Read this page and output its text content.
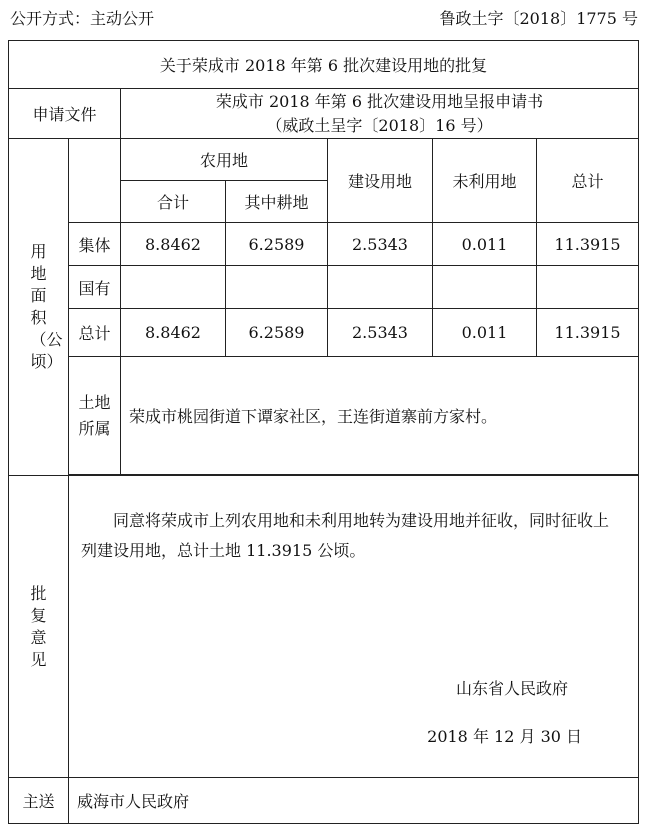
公开方式：主动公开	鲁政土字〔2018〕1775 号
关于荣成市 2018 年第 6 批次建设用地的批复						
申请文件		荣成市 2018 年第 6 批次建设用地呈报申请书
（威政土呈字〔2018〕16 号）				

用地面积（公顷）		农用地		建设用地	未利用地	总计
		合计	其中耕地			
	集体	8.8462	6.2589	2.5343	0.011	11.3915
	国有					
	总计	8.8462	6.2589	2.5343	0.011	11.3915
	土地所属	荣成市桃园街道下谭家社区，王连街道寨前方家村。				

批复意见	同意将荣成市上列农用地和未利用地转为建设用地并征收，同时征收上列建设用地，总计土地 11.3915 公顷。
山东省人民政府
2018 年 12 月 30 日					

主送	威海市人民政府					
